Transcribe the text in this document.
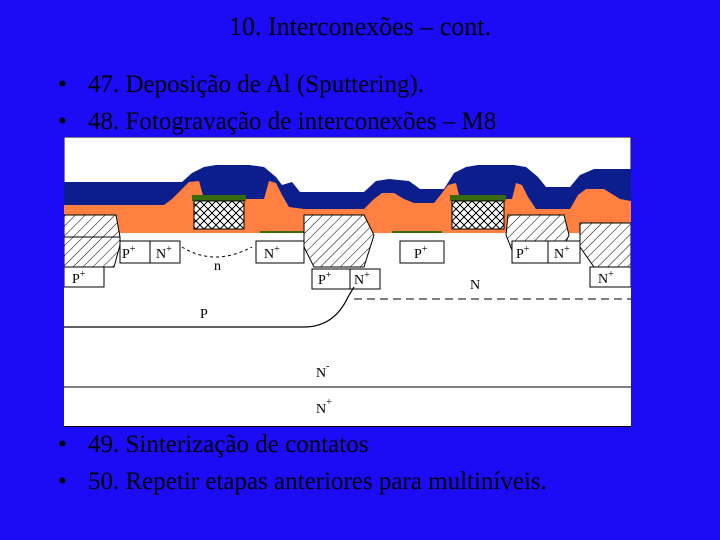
10. Interconexões – cont.
• 47. Deposição de Al (Sputtering).
• 48. Fotogravação de interconexões – M8
P+ N+
n
N+
P+
P+
P+ N+
N
P+ N+
N+
P
N-
N+
• 49. Sinterização de contatos
• 50. Repetir etapas anteriores para multiníveis.
